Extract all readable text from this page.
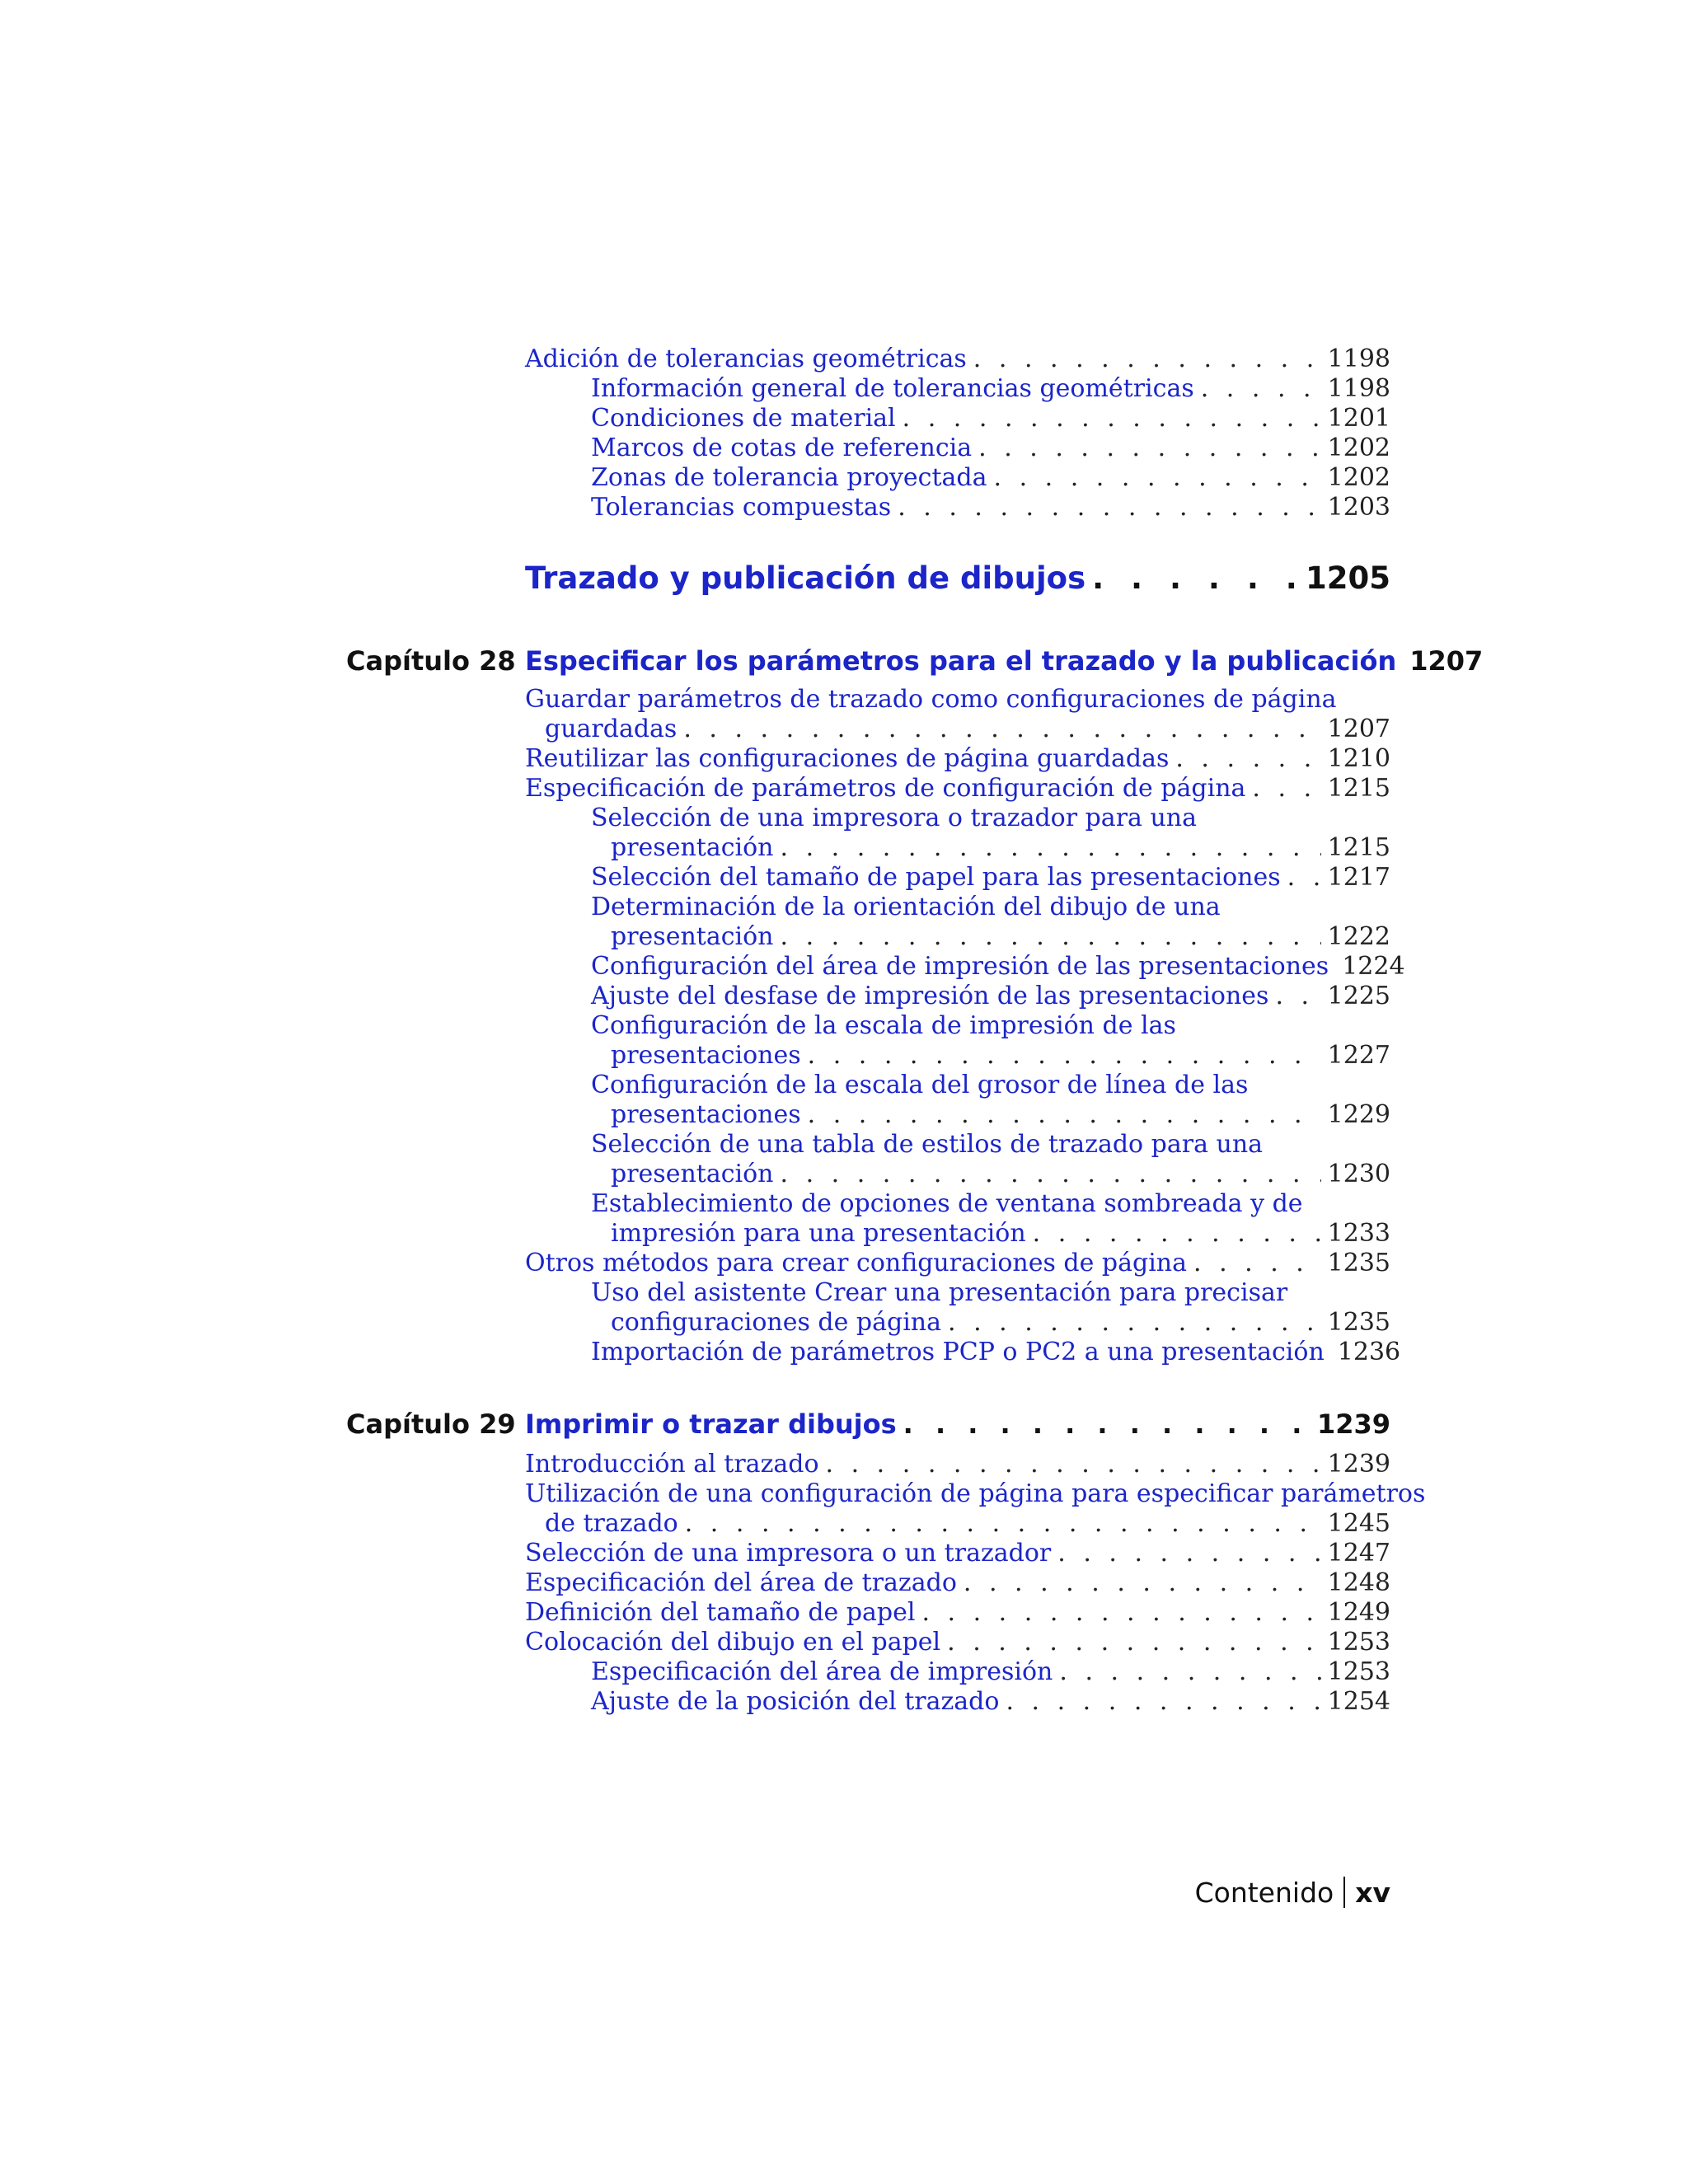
Adición de tolerancias geométricas . . .	1198
Información general de tolerancias geométricas . . .	1198
Condiciones de material . . .	1201
Marcos de cotas de referencia . . .	1202
Zonas de tolerancia proyectada . . .	1202
Tolerancias compuestas . . .	1203
Trazado y publicación de dibujos . . .	1205
Capítulo 28 Especificar los parámetros para el trazado y la publicación 1207
Guardar parámetros de trazado como configuraciones de página
guardadas . . .	1207
Reutilizar las configuraciones de página guardadas . . .	1210
Especificación de parámetros de configuración de página . . .	1215
Selección de una impresora o trazador para una
presentación . . .	1215
Selección del tamaño de papel para las presentaciones . . . 1217
Determinación de la orientación del dibujo de una
presentación . . .	1222
Configuración del área de impresión de las presentaciones 1224
Ajuste del desfase de impresión de las presentaciones . . . 1225
Configuración de la escala de impresión de las
presentaciones . . .	1227
Configuración de la escala del grosor de línea de las
presentaciones . . .	1229
Selección de una tabla de estilos de trazado para una
presentación . . .	1230
Establecimiento de opciones de ventana sombreada y de
impresión para una presentación . . .	1233
Otros métodos para crear configuraciones de página . . .	1235
Uso del asistente Crear una presentación para precisar
configuraciones de página . . .	1235
Importación de parámetros PCP o PC2 a una presentación 1236
Capítulo 29 Imprimir o trazar dibujos . . .	1239
Introducción al trazado . . .	1239
Utilización de una configuración de página para especificar parámetros
de trazado . . .	1245
Selección de una impresora o un trazador . . .	1247
Especificación del área de trazado . . .	1248
Definición del tamaño de papel . . .	1249
Colocación del dibujo en el papel . . .	1253
Especificación del área de impresión . . .	1253
Ajuste de la posición del trazado . . .	1254
Contenido xv
